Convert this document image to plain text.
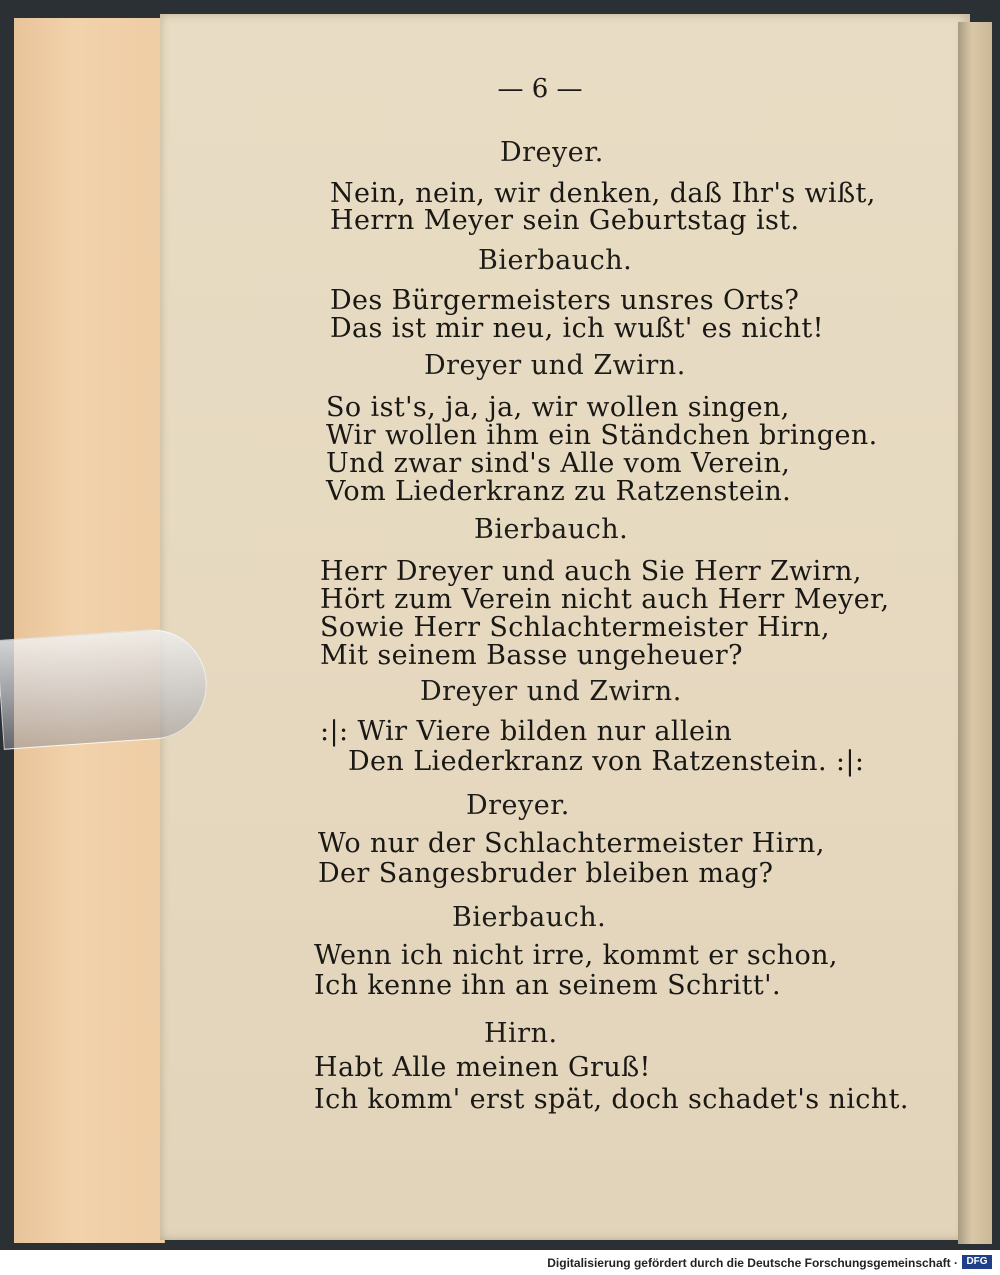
— 6 —
Dreyer.
Nein, nein, wir denken, daß Ihr's wißt,
Herrn Meyer sein Geburtstag ist.
Bierbauch.
Des Bürgermeisters unsres Orts?
Das ist mir neu, ich wußt' es nicht!
Dreyer und Zwirn.
So ist's, ja, ja, wir wollen singen,
Wir wollen ihm ein Ständchen bringen.
Und zwar sind's Alle vom Verein,
Vom Liederkranz zu Ratzenstein.
Bierbauch.
Herr Dreyer und auch Sie Herr Zwirn,
Hört zum Verein nicht auch Herr Meyer,
Sowie Herr Schlachtermeister Hirn,
Mit seinem Basse ungeheuer?
Dreyer und Zwirn.
:|: Wir Viere bilden nur allein
Den Liederkranz von Ratzenstein. :|:
Dreyer.
Wo nur der Schlachtermeister Hirn,
Der Sangesbruder bleiben mag?
Bierbauch.
Wenn ich nicht irre, kommt er schon,
Ich kenne ihn an seinem Schritt'.
Hirn.
Habt Alle meinen Gruß!
Ich komm' erst spät, doch schadet's nicht.
Digitalisierung gefördert durch die Deutsche Forschungsgemeinschaft · DFG
